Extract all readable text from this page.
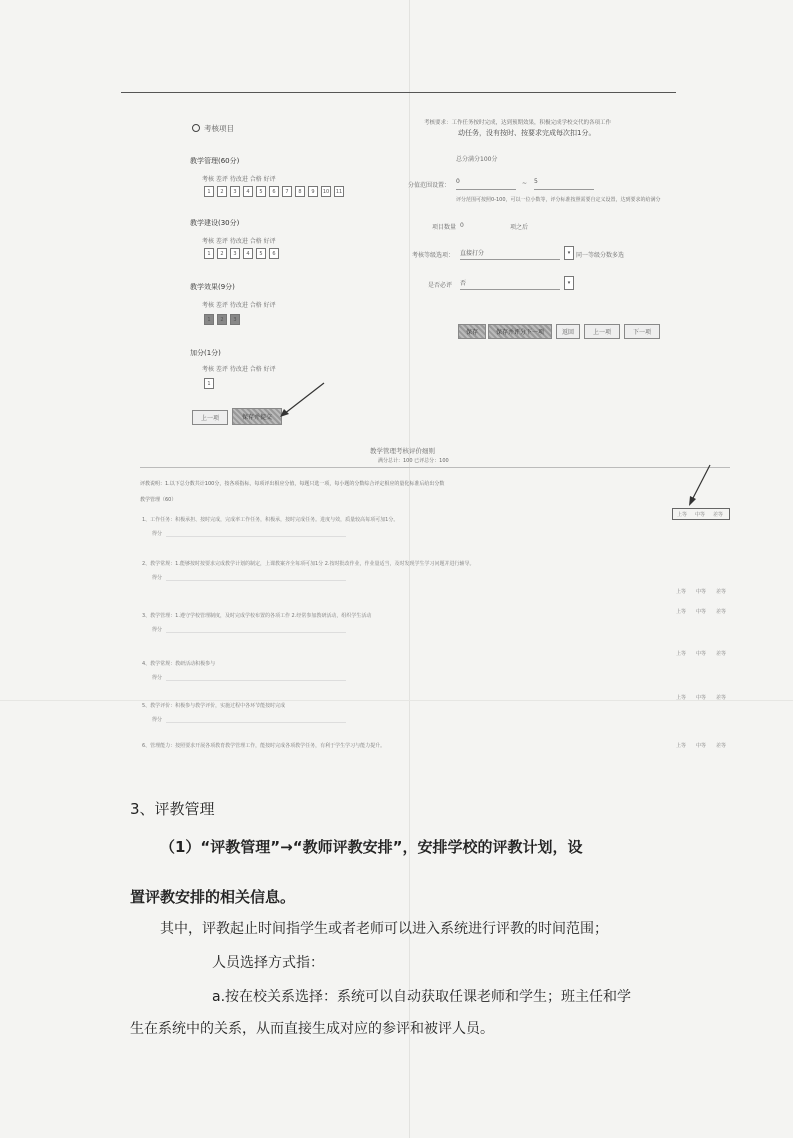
考核项目
教学管理(60分)
考核 差评 待改进 合格 好评
1	2	3	4	5	6	7	8	9	10	11
教学建设(30分)
考核 差评 待改进 合格 好评
1	2	3	4	5	6
教学效果(9分)
考核 差评 待改进 合格 好评
1	2	3
加分(1分)
考核 差评 待改进 合格 好评
1
上一项	保存并提交
考核要求：工作任务按时完成，达到预期效果，积极完成学校交代的各项工作
动任务，没有按时、按要求完成每次扣1分。
总分满分100分
分值范围设置：
0	~ 5
评分范围可按照0-100，可以一位小数等，评分标准按照需要自定义设置，达到要求的给满分
项目数量 0	项之后
考核等级选项： 直接打分	▾ 同一等级分数多选
是否必评 否	▾
保存	保存并评分下一项	返回	上一项	下一项
教学管理考核评价细则
满分总计：100 已评总分：100
评教说明：1.以下总分数共计100分，按各项指标，每项评出相应分值，每题只选一项，每小题的分数综合评定相应的量化标准后给出分数
教学管理（60）
1、工作任务：积极承担、按时完成，完成率工作任务，积极承，按时完成任务。进度与效，质量较高每项可加1分。
得分
上等 中等 差等
2、教学常规：1.能够按时按要求完成教学计划的制定，上课教案齐全每项可加1分 2.按时批改作业，作业量适当，及时发现学生学习问题并进行辅导。
得分
上等 中等 差等
3、教学管理：1.遵守学校管理制度，及时完成学校布置的各项工作 2.经常参加教研活动，组织学生活动
得分
上等 中等 差等
4、教学常规：教研活动积极参与
得分
上等 中等 差等
5、教学评价：积极参与教学评价，实施过程中各环节能按时完成
得分
上等 中等 差等
6、管理能力：按照要求开展各项教育教学管理工作，能按时完成各项教学任务，有利于学生学习与能力提升。	上等 中等 差等
3、评教管理
（1）“评教管理”→“教师评教安排”，安排学校的评教计划，设
置评教安排的相关信息。
其中，评教起止时间指学生或者老师可以进入系统进行评教的时间范围；
人员选择方式指：
a.按在校关系选择：系统可以自动获取任课老师和学生；班主任和学
生在系统中的关系，从而直接生成对应的参评和被评人员。
